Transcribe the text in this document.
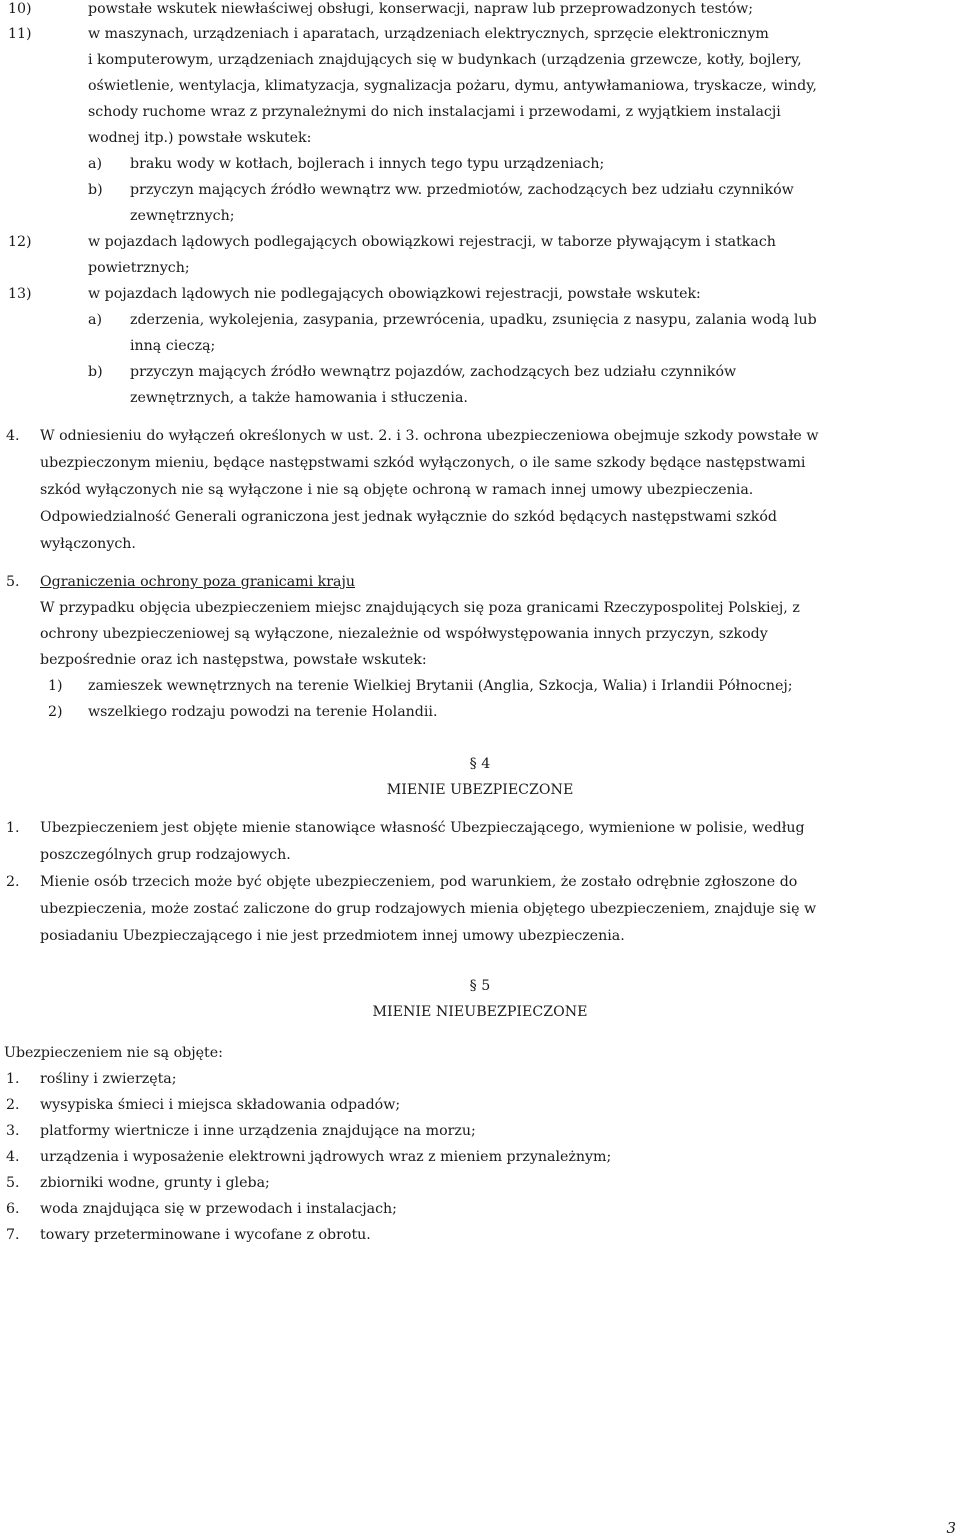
10)	powstałe wskutek niewłaściwej obsługi, konserwacji, napraw lub przeprowadzonych testów;
11)	w maszynach, urządzeniach i aparatach, urządzeniach elektrycznych, sprzęcie elektronicznym
i komputerowym, urządzeniach znajdujących się w budynkach (urządzenia grzewcze, kotły, bojlery,
oświetlenie, wentylacja, klimatyzacja, sygnalizacja pożaru, dymu, antywłamaniowa, tryskacze, windy,
schody ruchome wraz z przynależnymi do nich instalacjami i przewodami, z wyjątkiem instalacji
wodnej itp.) powstałe wskutek:
a) braku wody w kotłach, bojlerach i innych tego typu urządzeniach;
b) przyczyn mających źródło wewnątrz ww. przedmiotów, zachodzących bez udziału czynników
zewnętrznych;
12)	w pojazdach lądowych podlegających obowiązkowi rejestracji, w taborze pływającym i statkach
powietrznych;
13)	w pojazdach lądowych nie podlegających obowiązkowi rejestracji, powstałe wskutek:
a) zderzenia, wykolejenia, zasypania, przewrócenia, upadku, zsunięcia z nasypu, zalania wodą lub
inną cieczą;
b) przyczyn mających źródło wewnątrz pojazdów, zachodzących bez udziału czynników
zewnętrznych, a także hamowania i stłuczenia.
4. W odniesieniu do wyłączeń określonych w ust. 2. i 3. ochrona ubezpieczeniowa obejmuje szkody powstałe w
ubezpieczonym mieniu, będące następstwami szkód wyłączonych, o ile same szkody będące następstwami
szkód wyłączonych nie są wyłączone i nie są objęte ochroną w ramach innej umowy ubezpieczenia.
Odpowiedzialność Generali ograniczona jest jednak wyłącznie do szkód będących następstwami szkód
wyłączonych.
5. Ograniczenia ochrony poza granicami kraju
W przypadku objęcia ubezpieczeniem miejsc znajdujących się poza granicami Rzeczypospolitej Polskiej, z
ochrony ubezpieczeniowej są wyłączone, niezależnie od współwystępowania innych przyczyn, szkody
bezpośrednie oraz ich następstwa, powstałe wskutek:
1) zamieszek wewnętrznych na terenie Wielkiej Brytanii (Anglia, Szkocja, Walia) i Irlandii Północnej;
2) wszelkiego rodzaju powodzi na terenie Holandii.
§ 4
MIENIE UBEZPIECZONE
1. Ubezpieczeniem jest objęte mienie stanowiące własność Ubezpieczającego, wymienione w polisie, według
poszczególnych grup rodzajowych.
2. Mienie osób trzecich może być objęte ubezpieczeniem, pod warunkiem, że zostało odrębnie zgłoszone do
ubezpieczenia, może zostać zaliczone do grup rodzajowych mienia objętego ubezpieczeniem, znajduje się w
posiadaniu Ubezpieczającego i nie jest przedmiotem innej umowy ubezpieczenia.
§ 5
MIENIE NIEUBEZPIECZONE
Ubezpieczeniem nie są objęte:
1. rośliny i zwierzęta;
2. wysypiska śmieci i miejsca składowania odpadów;
3. platformy wiertnicze i inne urządzenia znajdujące na morzu;
4. urządzenia i wyposażenie elektrowni jądrowych wraz z mieniem przynależnym;
5. zbiorniki wodne, grunty i gleba;
6. woda znajdująca się w przewodach i instalacjach;
7. towary przeterminowane i wycofane z obrotu.
3
